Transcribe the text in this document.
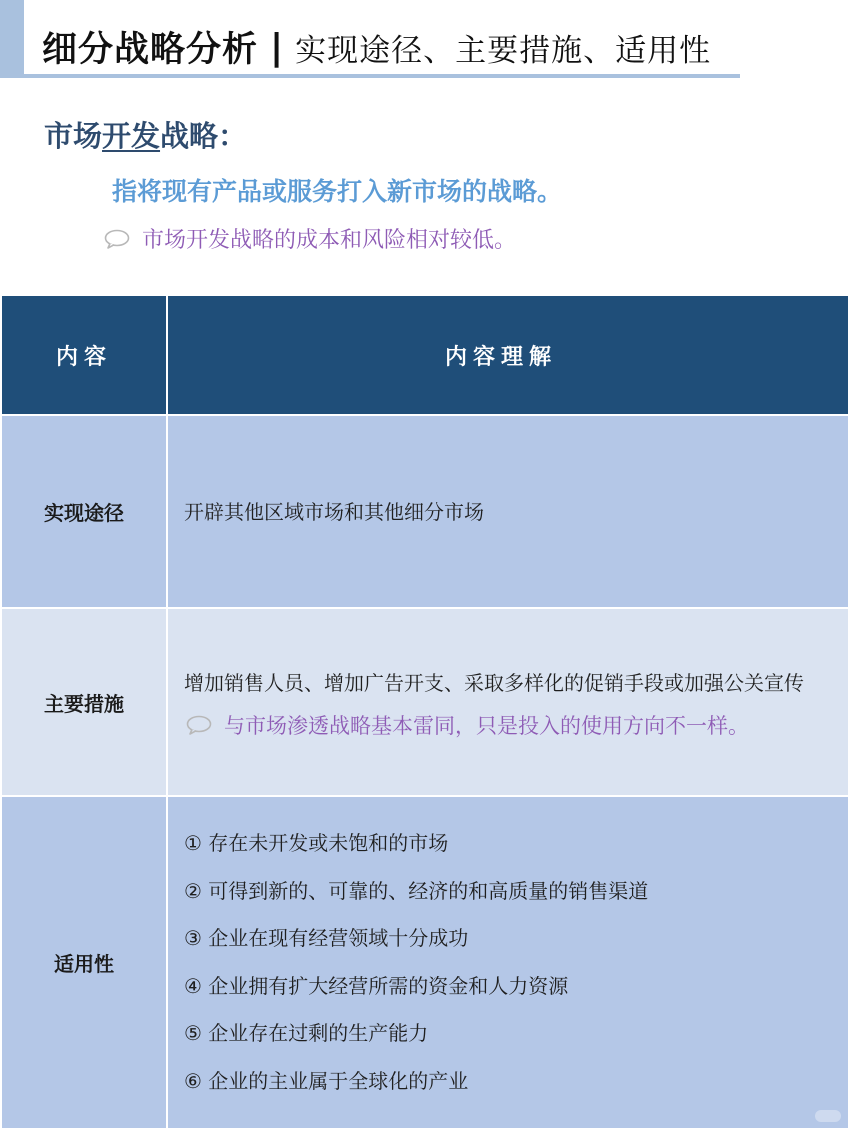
细分战略分析 | 实现途径、主要措施、适用性
市场开发战略：
指将现有产品或服务打入新市场的战略。
市场开发战略的成本和风险相对较低。
内容	内容理解
实现途径	开辟其他区域市场和其他细分市场
主要措施
增加销售人员、增加广告开支、采取多样化的促销手段或加强公关宣传
与市场渗透战略基本雷同，只是投入的使用方向不一样。
适用性
① 存在未开发或未饱和的市场
② 可得到新的、可靠的、经济的和高质量的销售渠道
③ 企业在现有经营领域十分成功
④ 企业拥有扩大经营所需的资金和人力资源
⑤ 企业存在过剩的生产能力
⑥ 企业的主业属于全球化的产业
